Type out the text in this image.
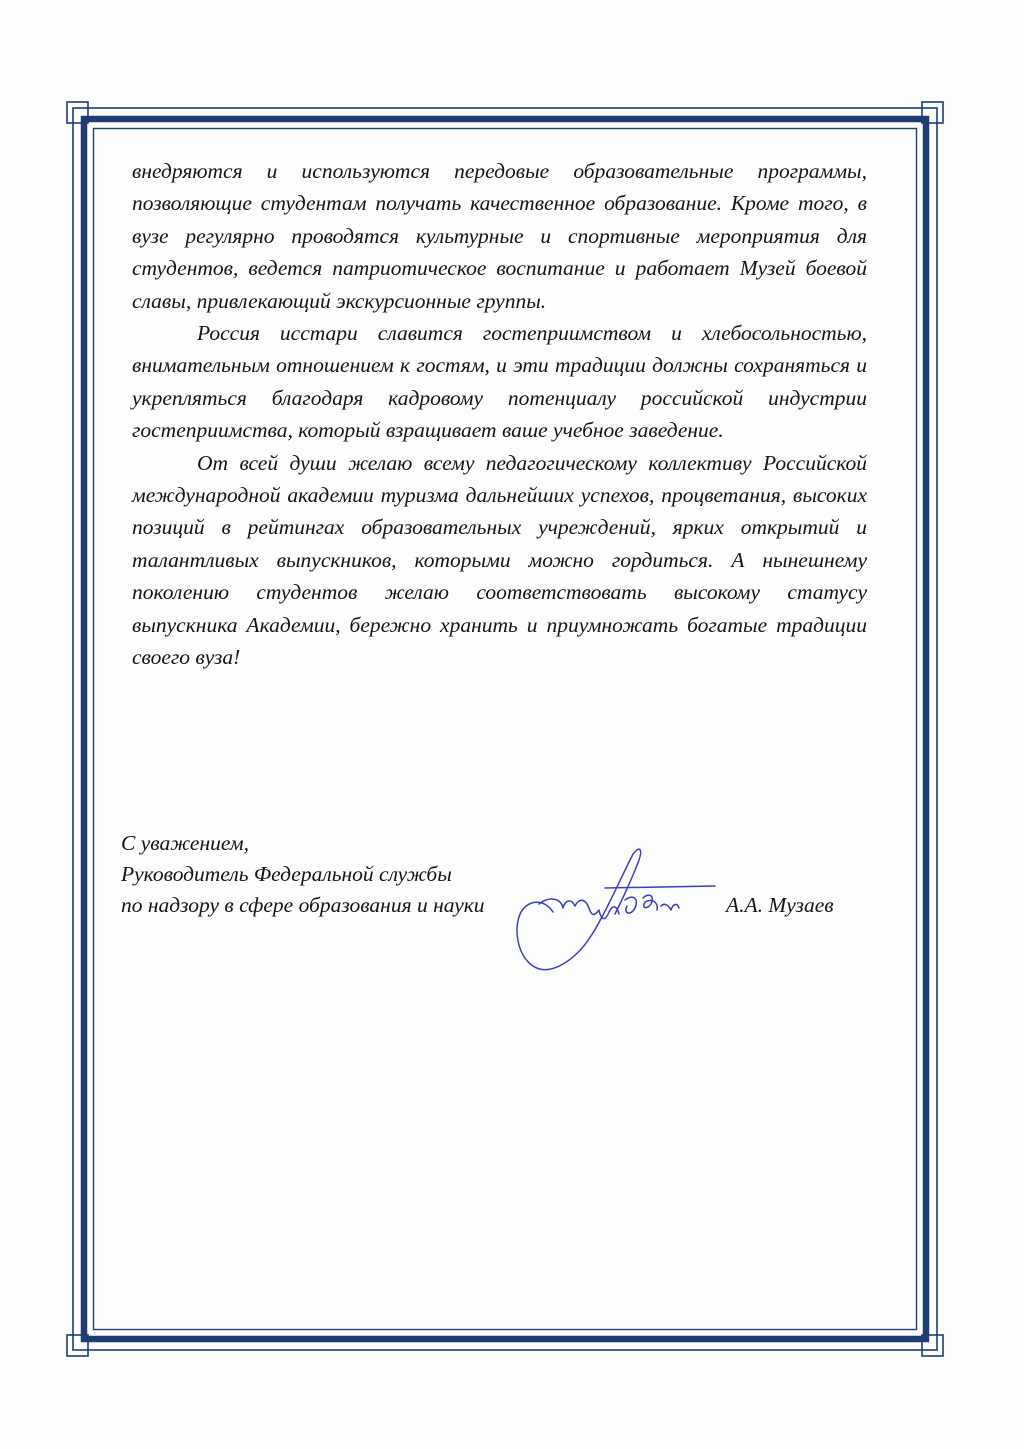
внедряются и используются передовые образовательные программы, позволяющие студентам получать качественное образование. Кроме того, в вузе регулярно проводятся культурные и спортивные мероприятия для студентов, ведется патриотическое воспитание и работает Музей боевой славы, привлекающий экскурсионные группы.

Россия исстари славится гостеприимством и хлебосольностью, внимательным отношением к гостям, и эти традиции должны сохраняться и укрепляться благодаря кадровому потенциалу российской индустрии гостеприимства, который взращивает ваше учебное заведение.

От всей души желаю всему педагогическому коллективу Российской международной академии туризма дальнейших успехов, процветания, высоких позиций в рейтингах образовательных учреждений, ярких открытий и талантливых выпускников, которыми можно гордиться. А нынешнему поколению студентов желаю соответствовать высокому статусу выпускника Академии, бережно хранить и приумножать богатые традиции своего вуза!

С уважением,
Руководитель Федеральной службы
по надзору в сфере образования и науки	А.А. Музаев
